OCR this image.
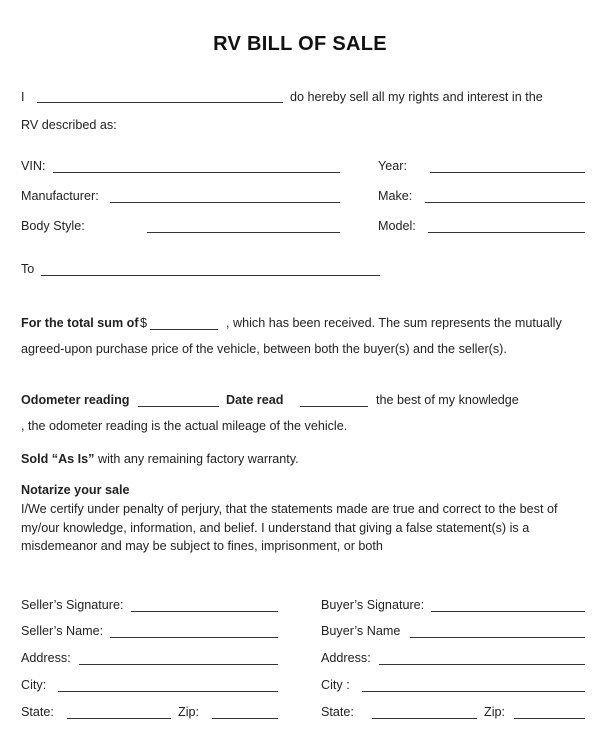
RV BILL OF SALE
I	do hereby sell all my rights and interest in the
RV described as:
VIN:	Year:
Manufacturer:	Make:
Body Style:	Model:
To
For the total sum of $	, which has been received. The sum represents the mutually
agreed-upon purchase price of the vehicle, between both the buyer(s) and the seller(s).
Odometer reading	Date read	the best of my knowledge
, the odometer reading is the actual mileage of the vehicle.
Sold “As Is” with any remaining factory warranty.
Notarize your sale
I/We certify under penalty of perjury, that the statements made are true and correct to the best of my/our knowledge, information, and belief. I understand that giving a false statement(s) is a misdemeanor and may be subject to fines, imprisonment, or both
Seller’s Signature:
Seller’s Name:
Address:
City:
State:	Zip:
Buyer’s Signature:
Buyer’s Name
Address:
City :
State:	Zip:
